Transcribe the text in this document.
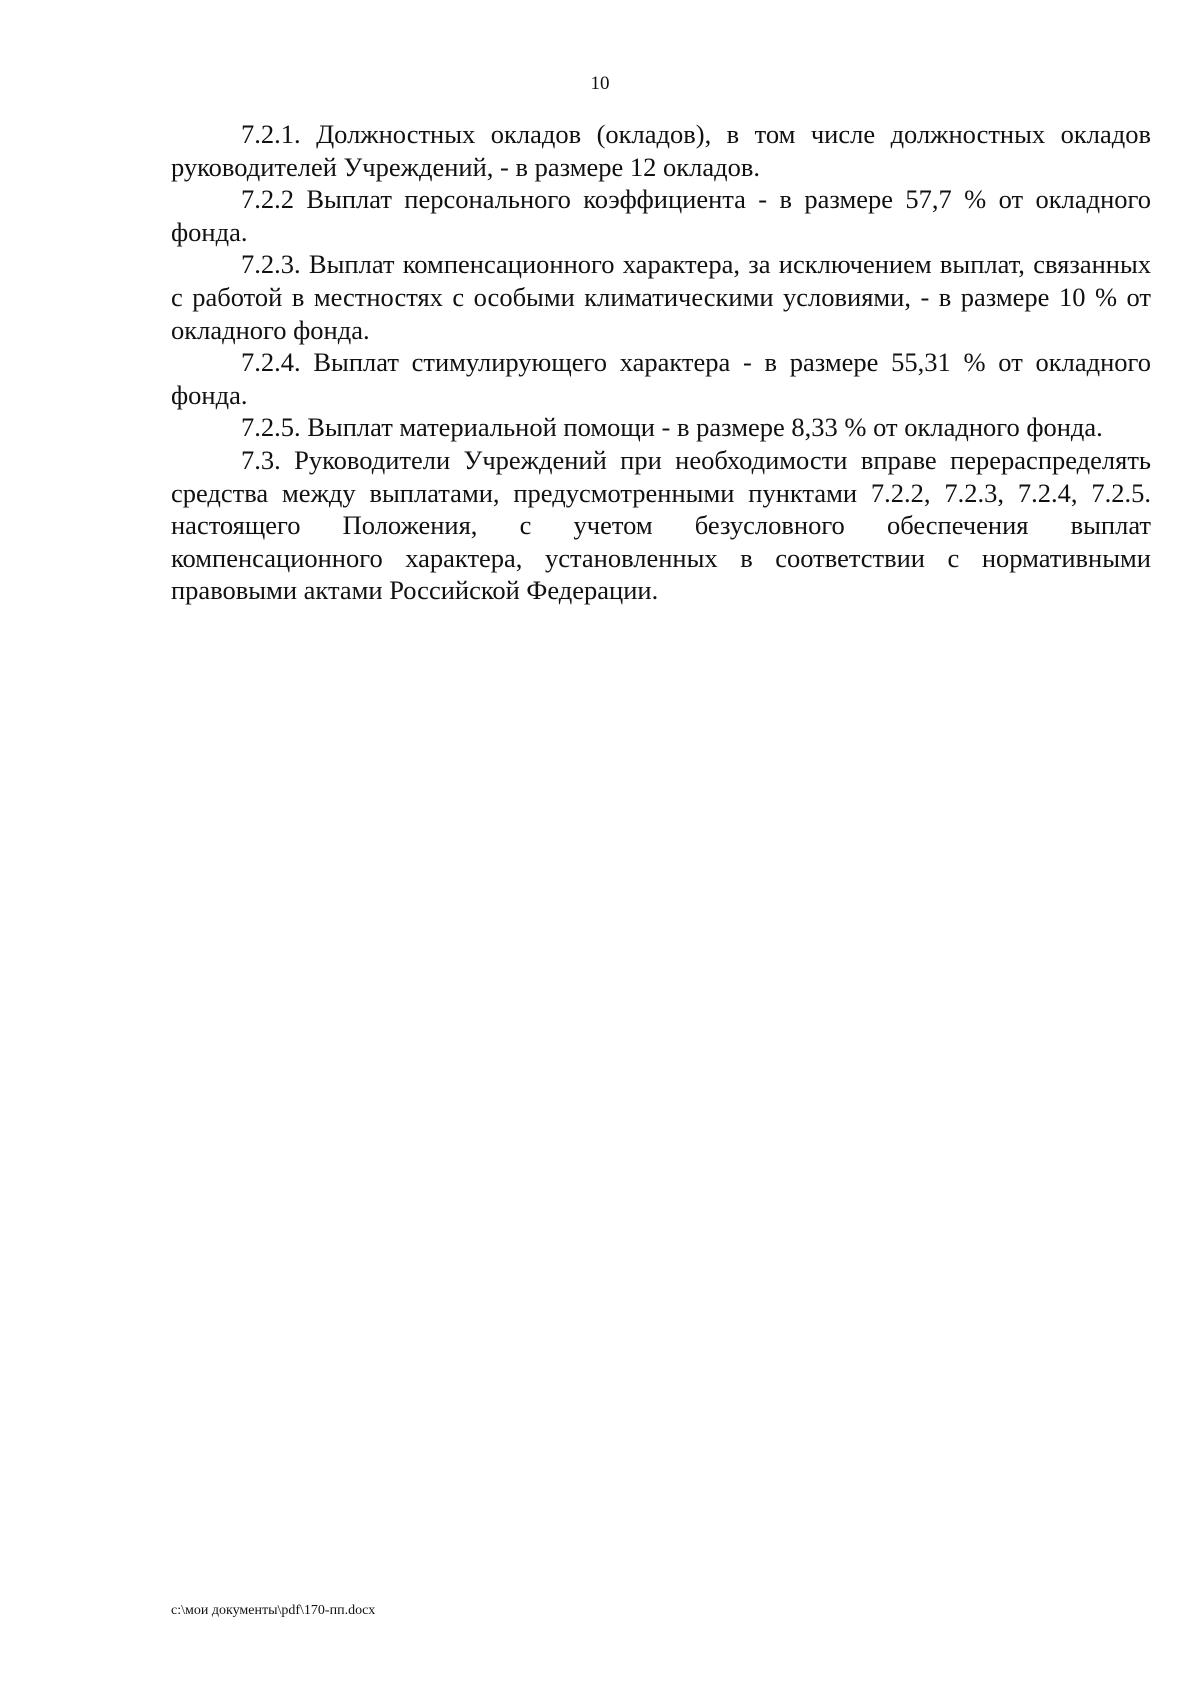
10

7.2.1. Должностных окладов (окладов), в том числе должностных окладов руководителей Учреждений, - в размере 12 окладов.

7.2.2 Выплат персонального коэффициента - в размере 57,7 % от окладного фонда.

7.2.3. Выплат компенсационного характера, за исключением выплат, связанных с работой в местностях с особыми климатическими условиями, - в размере 10 % от окладного фонда.

7.2.4. Выплат стимулирующего характера - в размере 55,31 % от окладного фонда.

7.2.5. Выплат материальной помощи - в размере 8,33 % от окладного фонда.

7.3. Руководители Учреждений при необходимости вправе перераспределять средства между выплатами, предусмотренными пунктами 7.2.2, 7.2.3, 7.2.4, 7.2.5. настоящего Положения, с учетом безусловного обеспечения выплат компенсационного характера, установленных в соответствии с нормативными правовыми актами Российской Федерации.

c:\мои документы\pdf\170-пп.docx
